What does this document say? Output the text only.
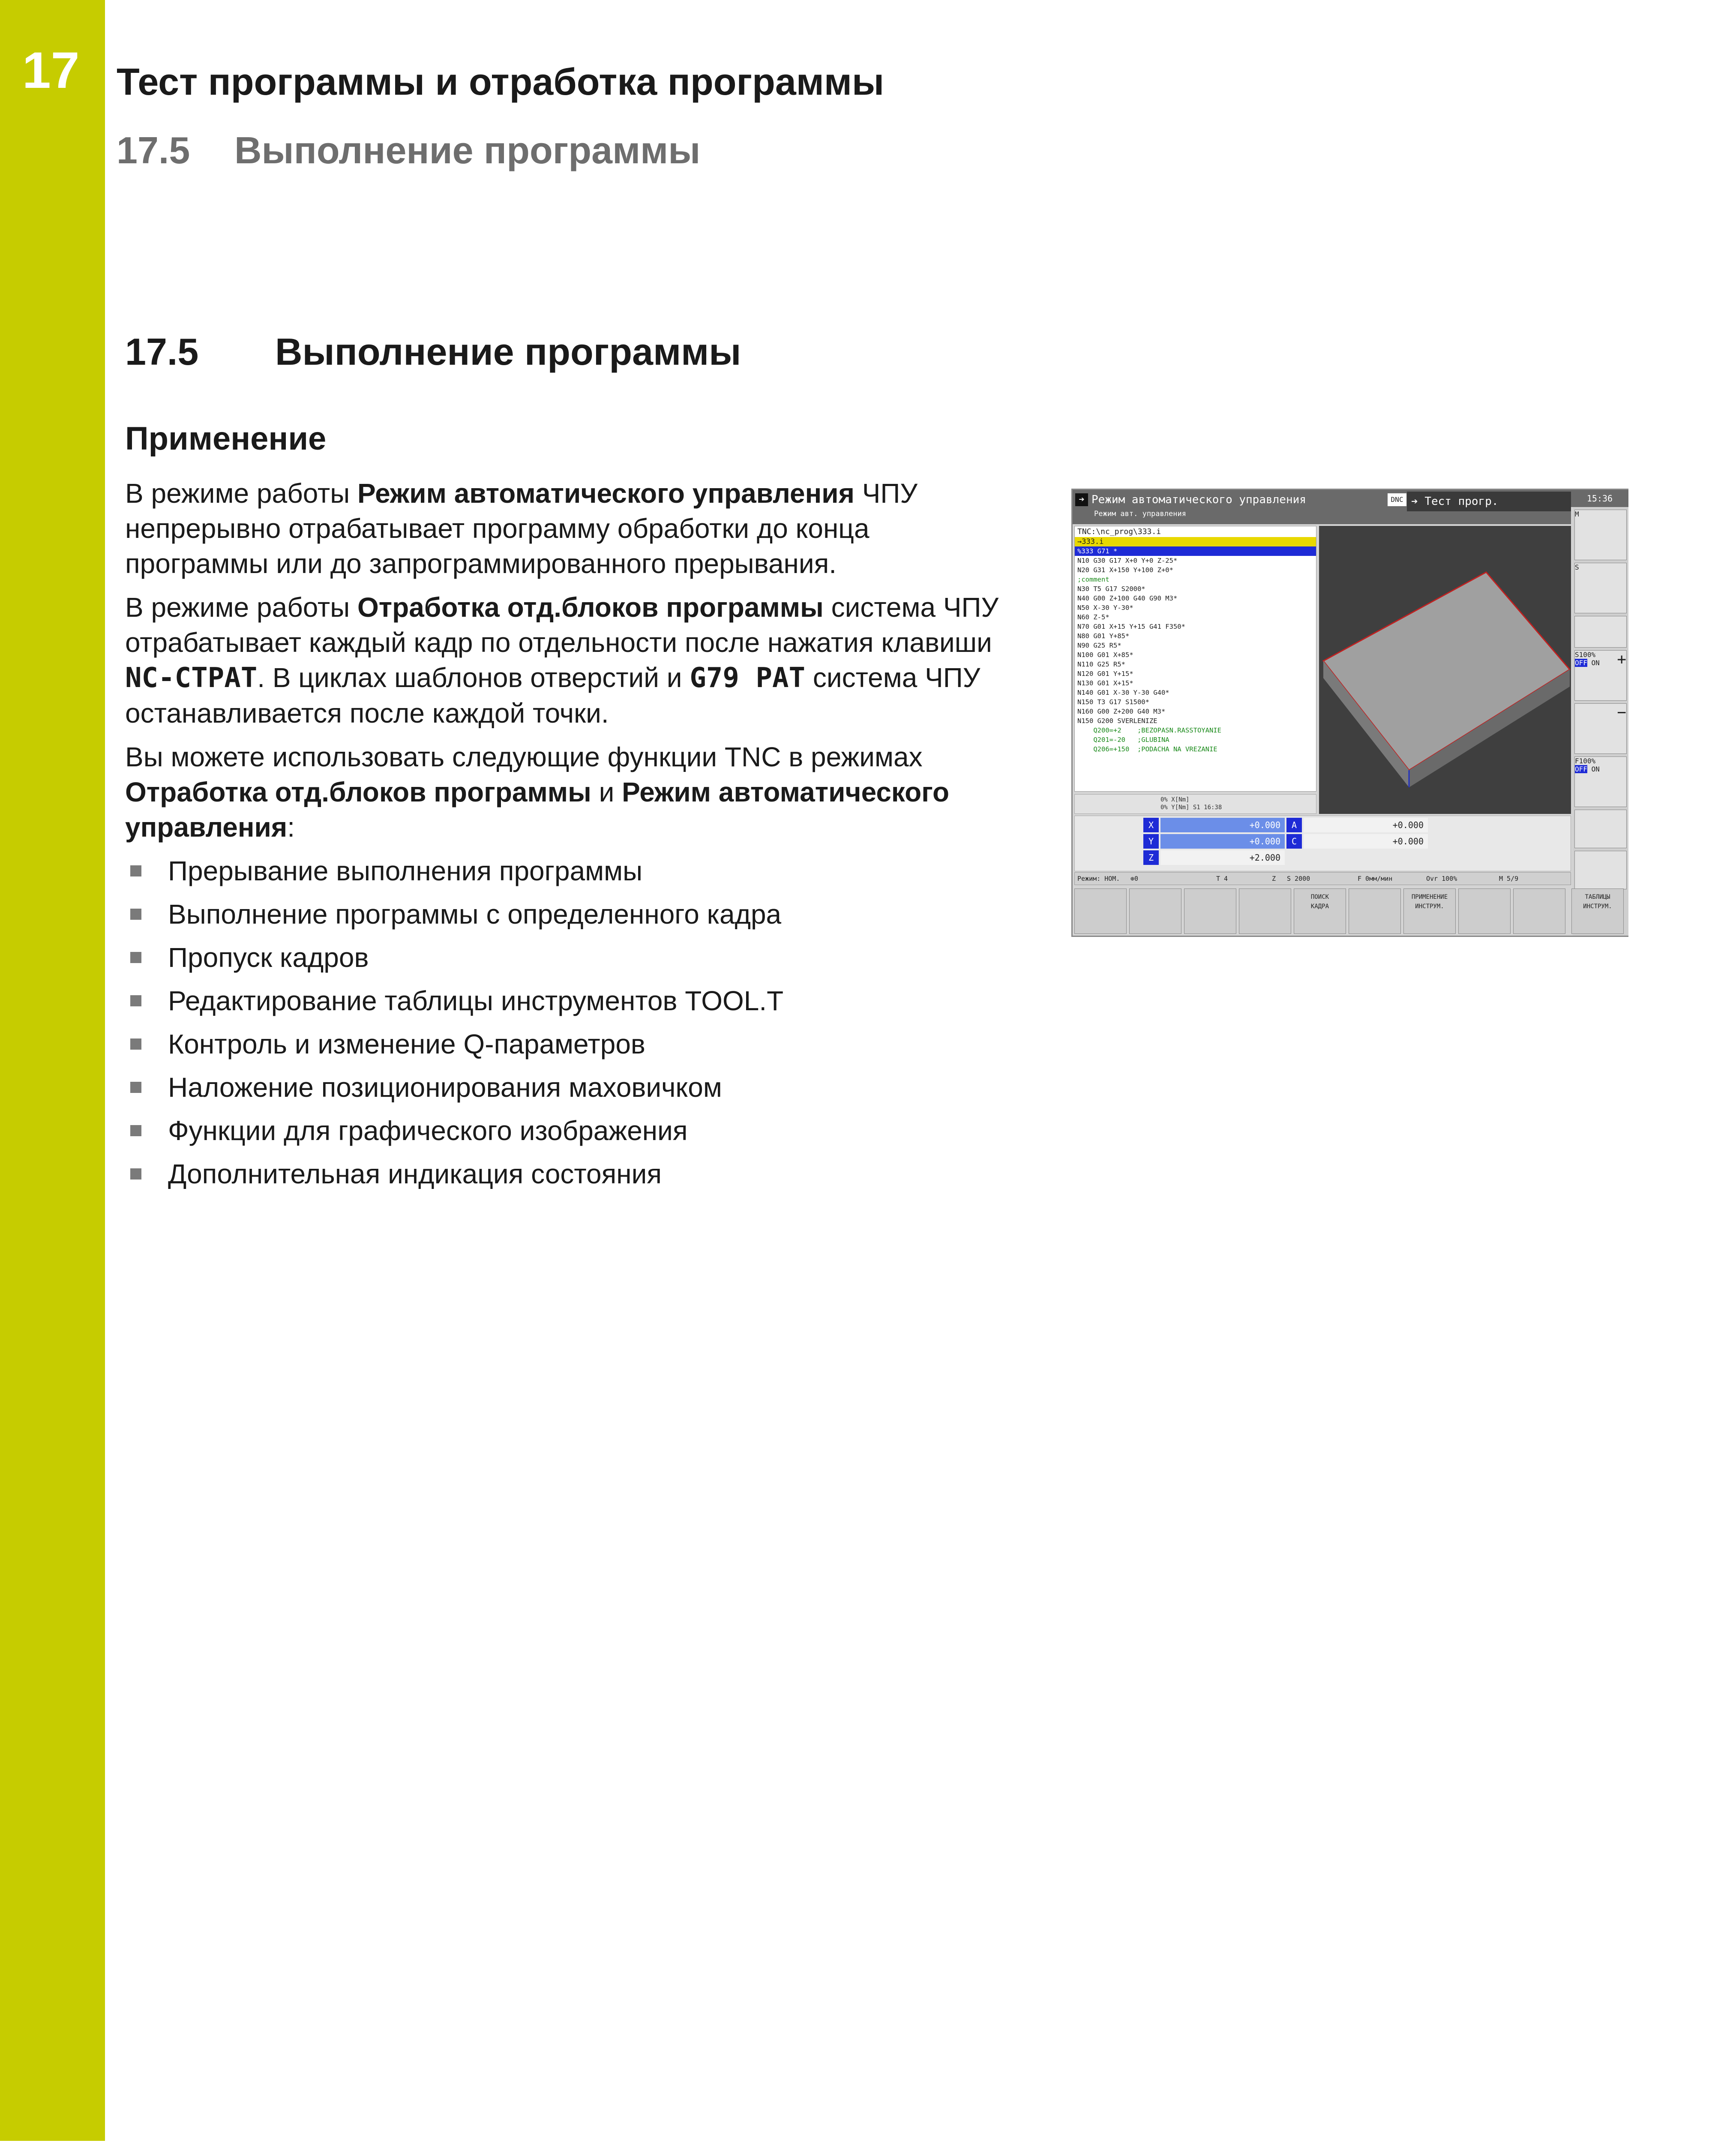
17 Тест программы и отработка программы
17.5 Выполнение программы
17.5 Выполнение программы
Применение

В режиме работы Режим автоматического управления ЧПУ непрерывно отрабатывает программу обработки до конца программы или до запрограммированного прерывания.

В режиме работы Отработка отд.блоков программы система ЧПУ отрабатывает каждый кадр по отдельности после нажатия клавиши NC-СТРАТ. В циклах шаблонов отверстий и G79 PAT система ЧПУ останавливается после каждой точки.

Вы можете использовать следующие функции TNC в режимах Отработка отд.блоков программы и Режим автоматического управления:

Прерывание выполнения программы
Выполнение программы с определенного кадра
Пропуск кадров
Редактирование таблицы инструментов TOOL.T
Контроль и изменение Q-параметров
Наложение позиционирования маховичком
Функции для графического изображения
Дополнительная индикация состояния
➔ Режим автоматического управления
Режим авт. управления
DNC ➔ Тест прогр.	15:36
TNC:\nc_prog\333.i
→333.i
%333 G71 *
N10 G30 G17 X+0 Y+0 Z-25*
N20 G31 X+150 Y+100 Z+0*
;comment
N30 T5 G17 S2000*
N40 G00 Z+100 G40 G90 M3*
N50 X-30 Y-30*
N60 Z-5*
N70 G01 X+15 Y+15 G41 F350*
N80 G01 Y+85*
N90 G25 R5*
N100 G01 X+85*
N110 G25 R5*
N120 G01 Y+15*
N130 G01 X+15*
N140 G01 X-30 Y-30 G40*
N150 T3 G17 S1500*
N160 G00 Z+200 G40 M3*
N150 G200 SVERLENIZE
Q200=+2    ;BEZOPASN.RASSTOYANIE
Q201=-20   ;GLUBINA
Q206=+150  ;PODACHA NA VREZANIE
0% X[Nm]
0% Y[Nm] S1 16:38
X	+0.000
Y	+0.000
Z	+2.000
A	+0.000
C	+0.000
Режим: НОМ. ⊕0	T 4	Z S 2000	F 0мм/мин	Ovr 100%	M 5/9
M
S
S100% +

OFF ON
−
F100%
OFF ON
ПОИСК
КАДРА
ПРИМЕНЕНИЕ
ИНСТРУМ.
ТАБЛИЦЫ
ИНСТРУМ.
